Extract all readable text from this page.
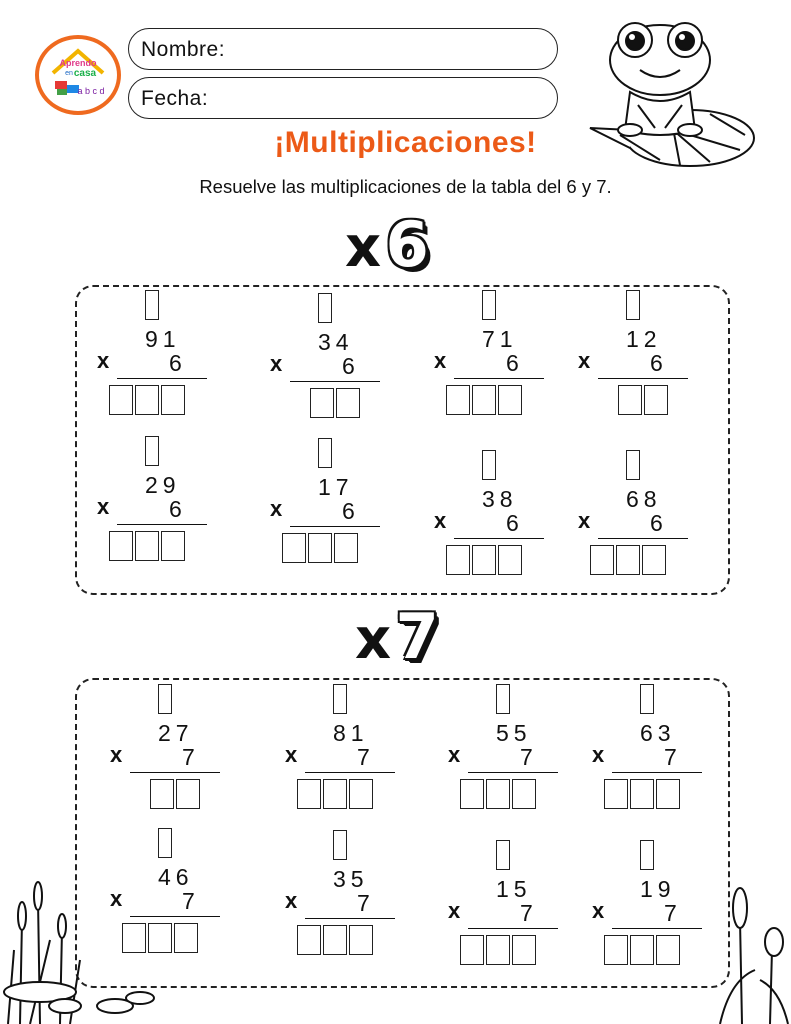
Aprendo
en casa
a b c d
Nombre:
Fecha:
¡Multiplicaciones!
Resuelve las multiplicaciones de la tabla del 6 y 7.
x 6
x 7
91
6
x
34
6
x
71
6
x
12
6
x
29
6
x
17
6
x	38
6
x
68
6
x
27
7
x
81
7
x
55
7
x
63
7
x
46
7
x
35
7
x	15
7
x
19
7
x
